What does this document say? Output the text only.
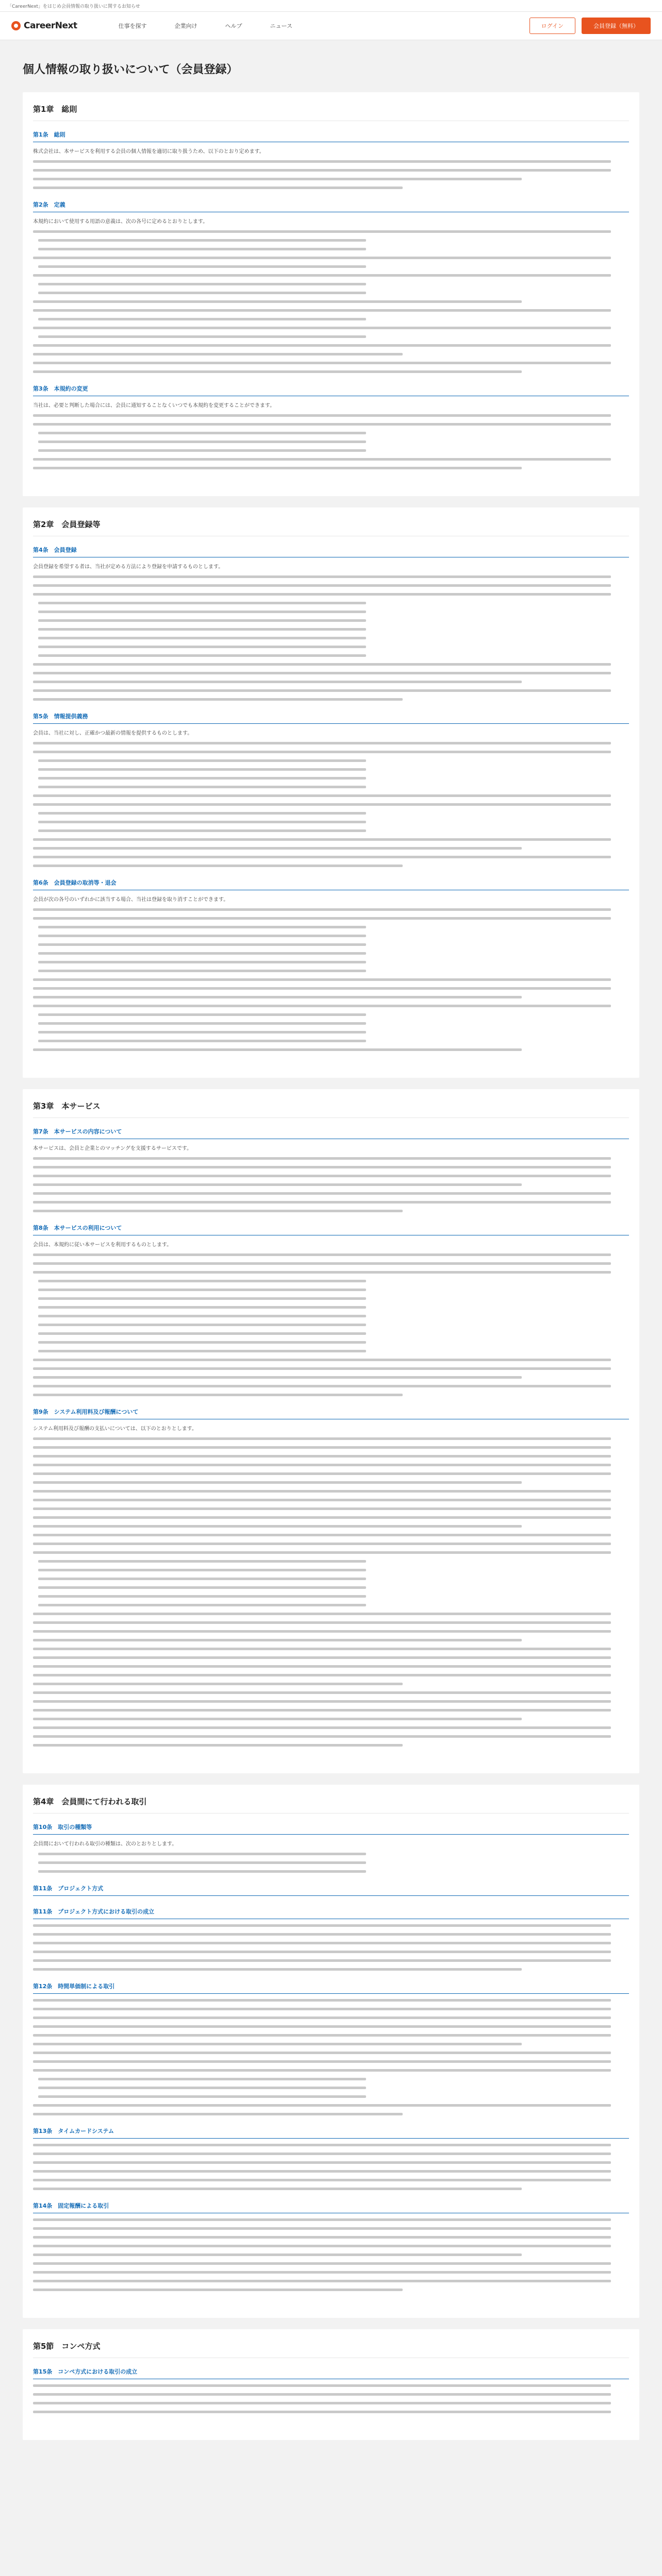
「CareerNext」をはじめ会員情報の取り扱いに関するお知らせ
CareerNext	仕事を探す	企業向け	ヘルプ	ニュース	ログイン	会員登録（無料）
個人情報の取り扱いについて（会員登録）
第1章　総則
第1条　総則

株式会社は、本サービスを利用する会員の個人情報を適切に取り扱うため、以下のとおり定めます。

第2条　定義

本規約において使用する用語の意義は、次の各号に定めるとおりとします。

第3条　本規約の変更

当社は、必要と判断した場合には、会員に通知することなくいつでも本規約を変更することができます。

第2章　会員登録等
第4条　会員登録

会員登録を希望する者は、当社が定める方法により登録を申請するものとします。

第5条　情報提供義務

会員は、当社に対し、正確かつ最新の情報を提供するものとします。

第6条　会員登録の取消等・退会

会員が次の各号のいずれかに該当する場合、当社は登録を取り消すことができます。

第3章　本サービス
第7条　本サービスの内容について

本サービスは、会員と企業とのマッチングを支援するサービスです。

第8条　本サービスの利用について

会員は、本規約に従い本サービスを利用するものとします。

第9条　システム利用料及び報酬について

システム利用料及び報酬の支払いについては、以下のとおりとします。

第4章　会員間にて行われる取引
第10条　取引の種類等

会員間において行われる取引の種類は、次のとおりとします。

第11条　プロジェクト方式
第11条　プロジェクト方式における取引の成立
第12条　時間単価制による取引
第13条　タイムカードシステム
第14条　固定報酬による取引
第5節　コンペ方式
第15条　コンペ方式における取引の成立
